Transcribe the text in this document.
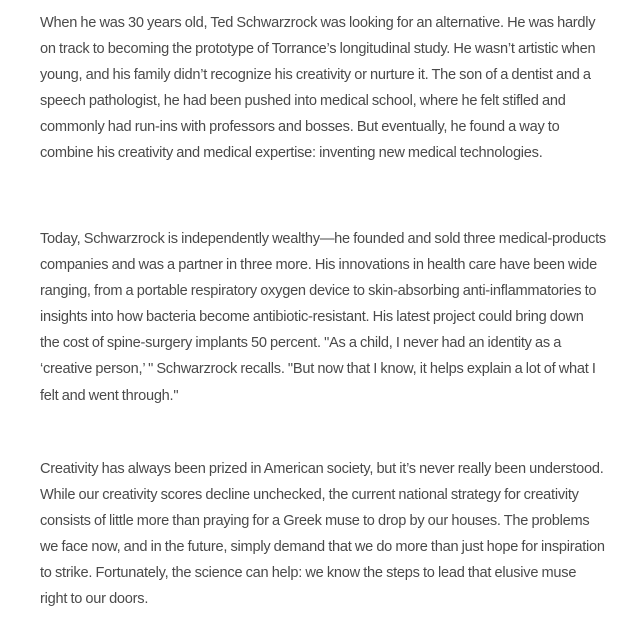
When he was 30 years old, Ted Schwarzrock was looking for an alternative. He was hardly on track to becoming the prototype of Torrance’s longitudinal study. He wasn’t artistic when young, and his family didn’t recognize his creativity or nurture it. The son of a dentist and a speech pathologist, he had been pushed into medical school, where he felt stifled and commonly had run-ins with professors and bosses. But eventually, he found a way to combine his creativity and medical expertise: inventing new medical technologies.

Today, Schwarzrock is independently wealthy—he founded and sold three medical-products companies and was a partner in three more. His innovations in health care have been wide ranging, from a portable respiratory oxygen device to skin-absorbing anti-inflammatories to insights into how bacteria become antibiotic-resistant. His latest project could bring down the cost of spine-surgery implants 50 percent. "As a child, I never had an identity as a ‘creative person,’ " Schwarzrock recalls. "But now that I know, it helps explain a lot of what I felt and went through."

Creativity has always been prized in American society, but it’s never really been understood. While our creativity scores decline unchecked, the current national strategy for creativity consists of little more than praying for a Greek muse to drop by our houses. The problems we face now, and in the future, simply demand that we do more than just hope for inspiration to strike. Fortunately, the science can help: we know the steps to lead that elusive muse right to our doors.
